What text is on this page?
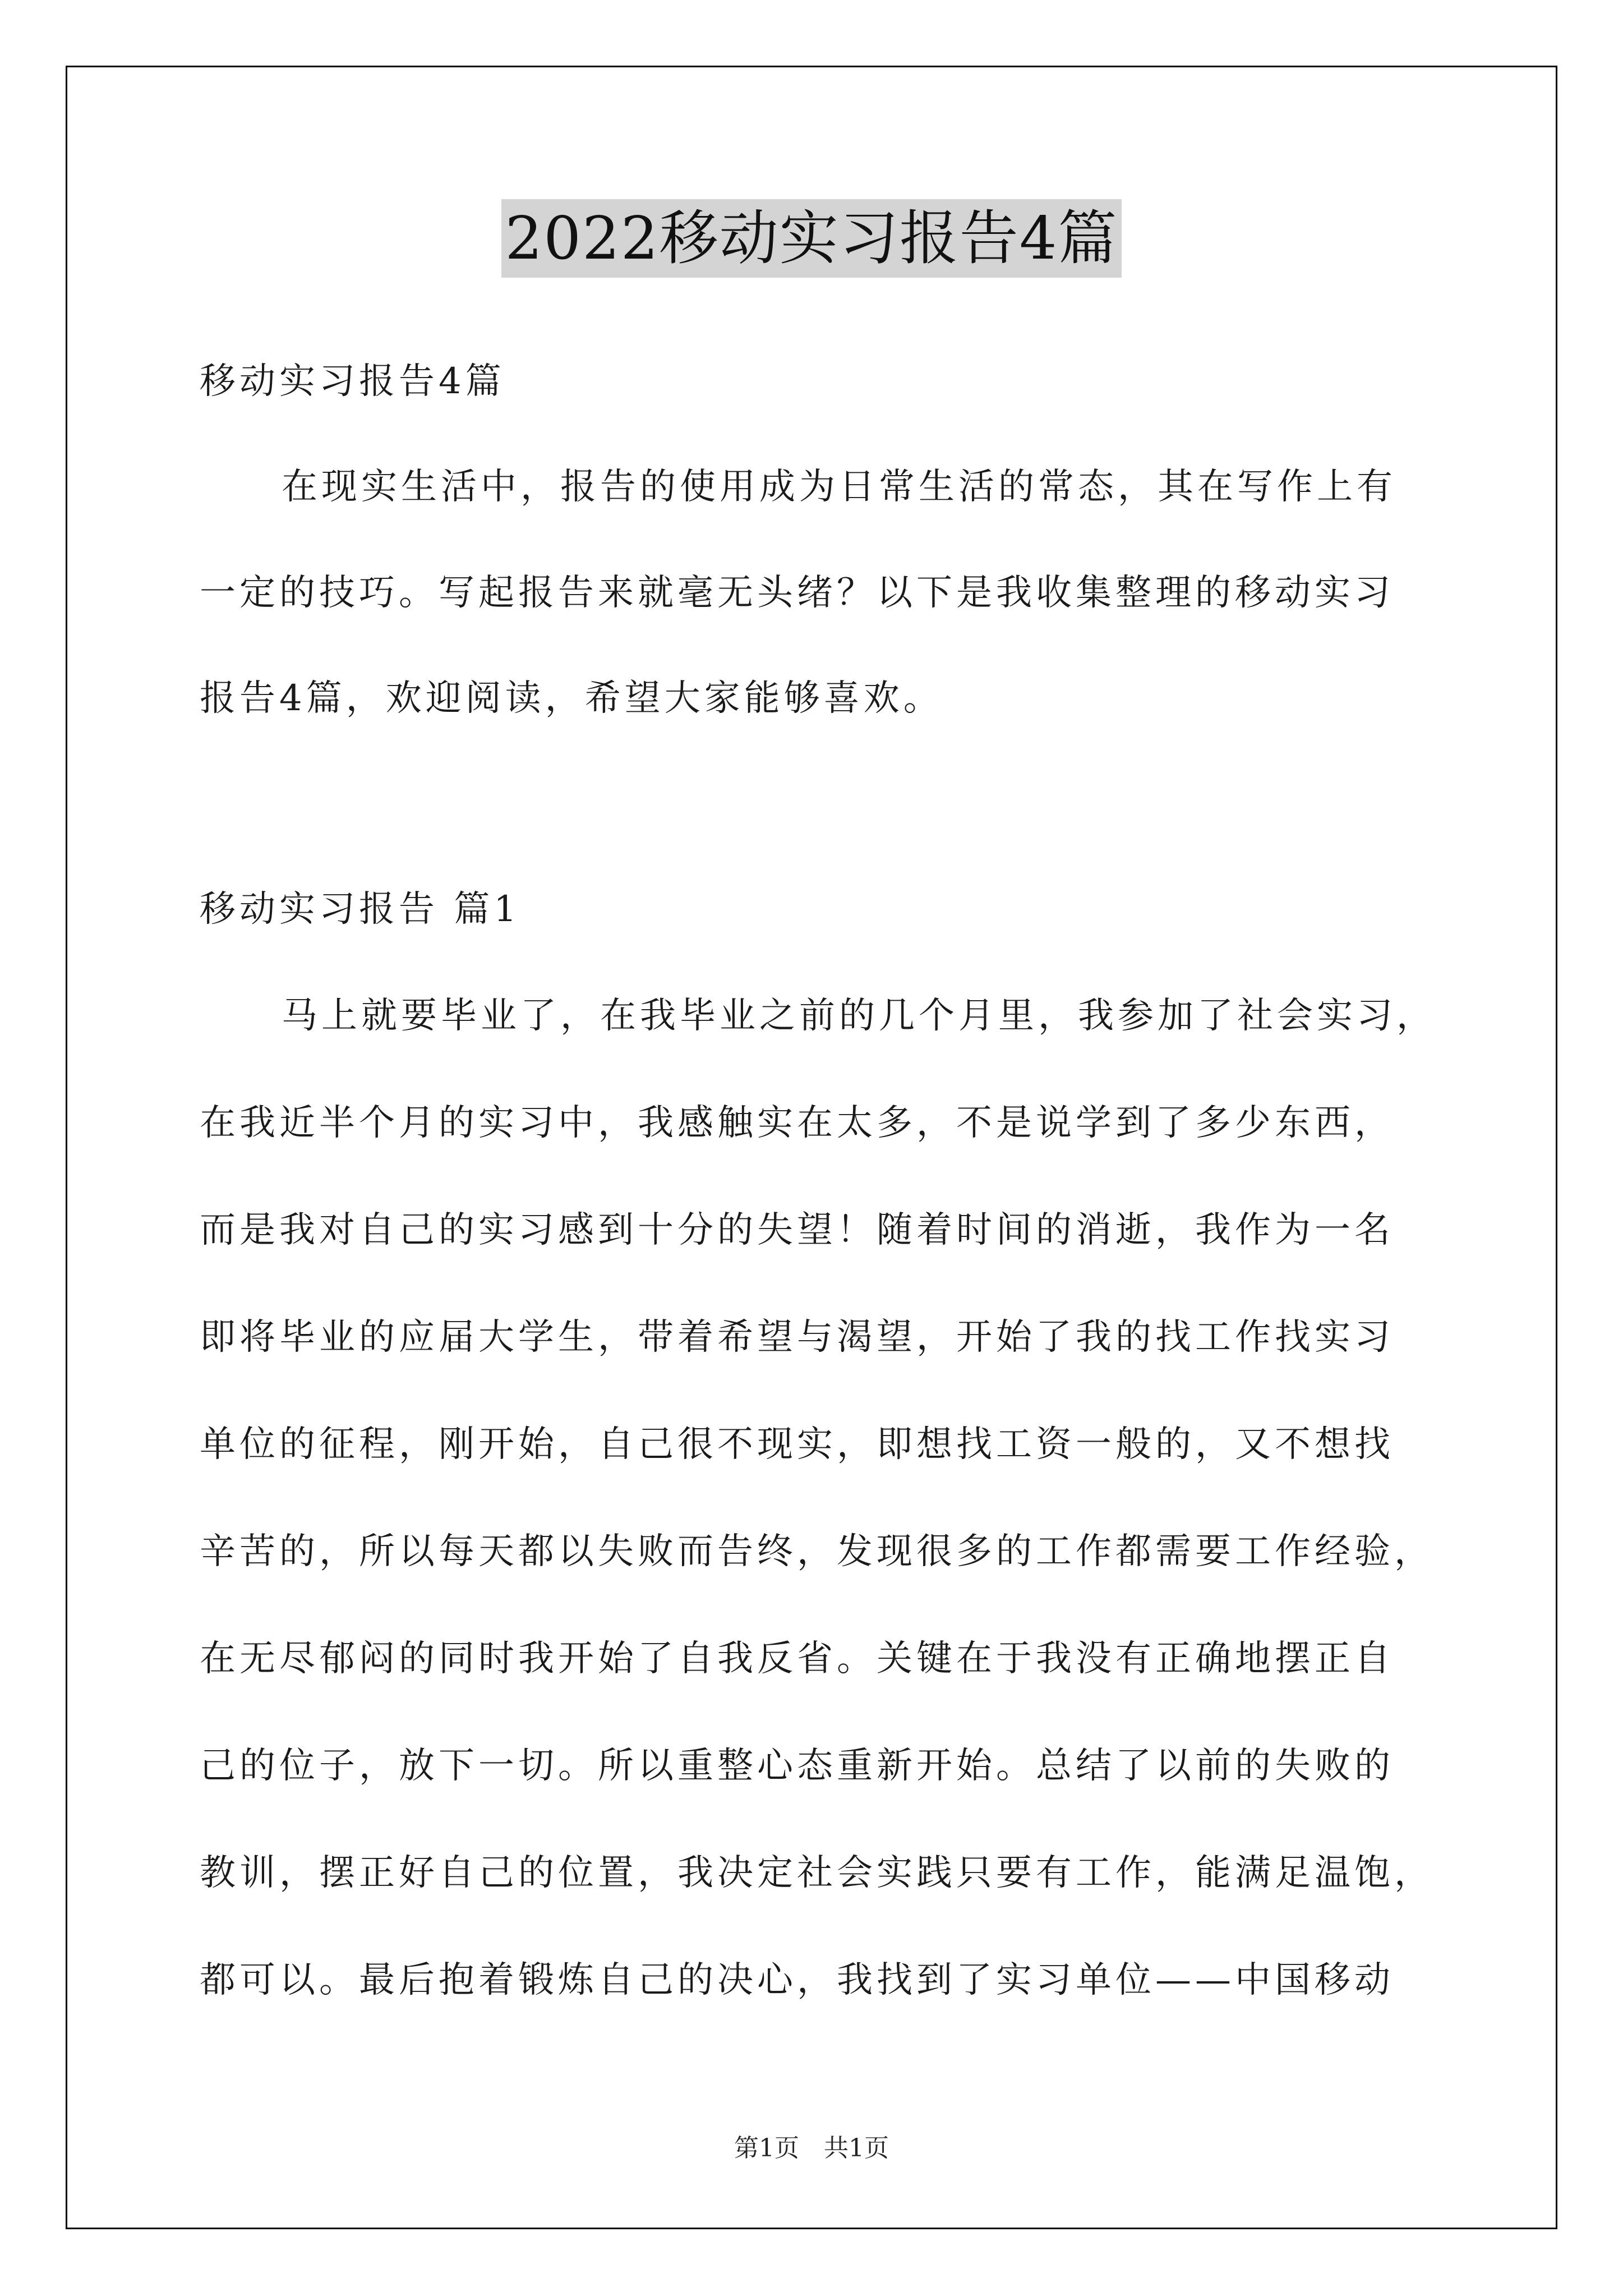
2022移动实习报告4篇
移动实习报告4篇
在现实生活中，报告的使用成为日常生活的常态，其在写作上有
一定的技巧。写起报告来就毫无头绪？以下是我收集整理的移动实习
报告4篇，欢迎阅读，希望大家能够喜欢。
移动实习报告 篇1
马上就要毕业了，在我毕业之前的几个月里，我参加了社会实习，
在我近半个月的实习中，我感触实在太多，不是说学到了多少东西，
而是我对自己的实习感到十分的失望！随着时间的消逝，我作为一名
即将毕业的应届大学生，带着希望与渴望，开始了我的找工作找实习
单位的征程，刚开始，自己很不现实，即想找工资一般的，又不想找
辛苦的，所以每天都以失败而告终，发现很多的工作都需要工作经验，
在无尽郁闷的同时我开始了自我反省。关键在于我没有正确地摆正自
己的位子，放下一切。所以重整心态重新开始。总结了以前的失败的
教训，摆正好自己的位置，我决定社会实践只要有工作，能满足温饱，
都可以。最后抱着锻炼自己的决心，我找到了实习单位——中国移动
第1页　共1页
